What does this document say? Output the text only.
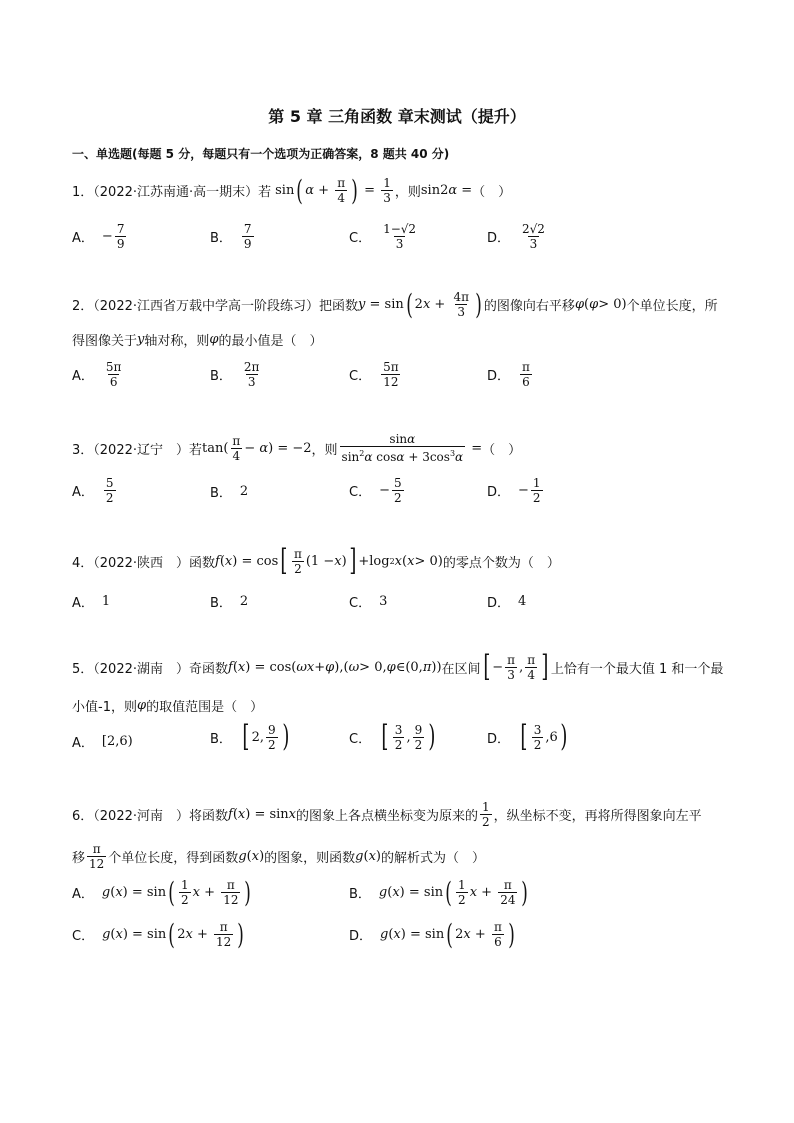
第 5 章 三角函数 章末测试（提升）
一、单选题(每题 5 分，每题只有一个选项为正确答案，8 题共 40 分)
1．（2022·江苏南通·高一期末）若 sin ( $\alpha + \frac{\pi}{4}$ ) = $\frac{1}{3}$ ，则 sin2α = （　）
A． − $\frac{7}{9}$	B． $\frac{7}{9}$	C． $\frac{1-√2}{3}$	D． $\frac{2√2}{3}$
2．（2022·江西省万载中学高一阶段练习）把函数 y = sin ( 2 $x + \frac{4\pi}{3}$ ) 的图像向右平移 φ ( φ > 0) 个单位长度，所
得图像关于 y 轴对称，则 φ 的最小值是（　）
A． $\frac{5\pi}{6}$	B． $\frac{2\pi}{3}$	C． $\frac{5\pi}{12}$	D． $\frac{\pi}{6}$
3．（2022·辽宁　）若 $\tan( \frac{\pi}{4} - \alpha) = -2$ ，则 $\frac{\sin\alpha}{\sin^2\alpha \cos\alpha + 3\cos^3\alpha}$ = （　）
A． $\frac{5}{2}$	B． 2	C． − $\frac{5}{2}$	D． − $\frac{1}{2}$
4．（2022·陕西　）函数 f ( x ) = cos [ $\frac{\pi}{2} (1 - x$ ) ] +log 2 x ( x > 0) 的零点个数为（　）
A． 1	B． 2	C． 3	D． 4
5．（2022·湖南　）奇函数 f ( x ) = cos( ωx + φ ),( ω > 0, φ ∈(0, π )) 在区间 [ − $\frac{\pi}{3}$ , $\frac{\pi}{4}$ ] 上恰有一个最大值 1 和一个最
小值-1，则 φ 的取值范围是（　）
A． [2,6)	B． [ 2, $\frac{9}{2}$ )	C． [ $\frac{3}{2}$ , $\frac{9}{2}$ )	D． [ $\frac{3}{2} ,6$ )
6．（2022·河南　）将函数 f ( x ) = sin x 的图象上各点横坐标变为原来的 $\frac{1}{2}$ ，纵坐标不变，再将所得图象向左平
移 $\frac{\pi}{12}$ 个单位长度，得到函数 g ( x ) 的图象，则函数 g ( x ) 的解析式为（　）
A． g ( x ) = sin ( $\frac{1}{2}$ $x + \frac{\pi}{12}$ )	B． g ( x ) = sin ( $\frac{1}{2}$ $x + \frac{\pi}{24}$ )
C． g ( x ) = sin ( 2 $x + \frac{\pi}{12}$ )	D． g ( x ) = sin ( 2 $x + \frac{\pi}{6}$ )
